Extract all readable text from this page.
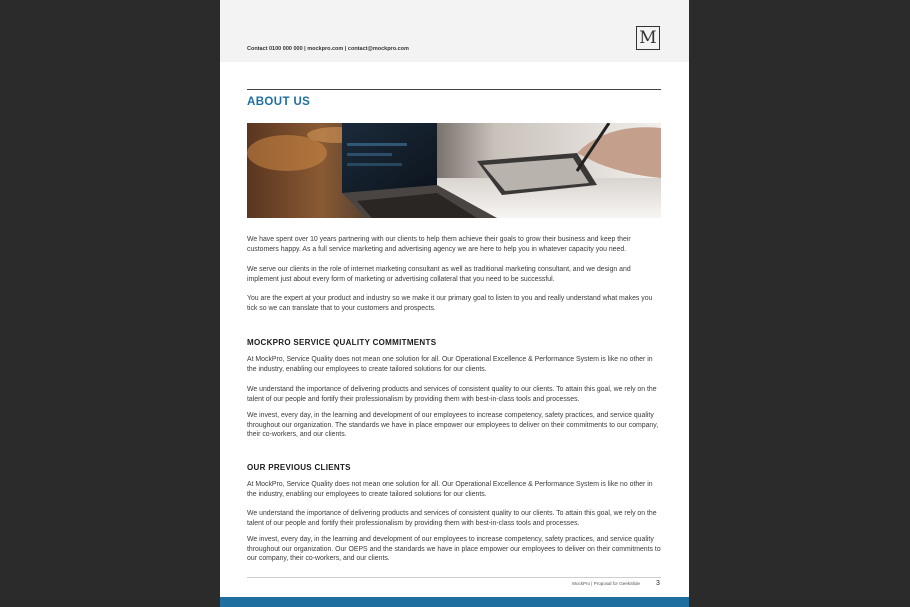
Contact 0100 000 000 | mockpro.com | contact@mockpro.com
M
ABOUT US

We have spent over 10 years partnering with our clients to help them achieve their goals to grow their business and keep their customers happy. As a full service marketing and advertising agency we are here to help you in whatever capacity you need.

We serve our clients in the role of internet marketing consultant as well as traditional marketing consultant, and we design and implement just about every form of marketing or advertising collateral that you need to be successful.

You are the expert at your product and industry so we make it our primary goal to listen to you and really understand what makes you tick so we can translate that to your customers and prospects.

MOCKPRO SERVICE QUALITY COMMITMENTS

At MockPro, Service Quality does not mean one solution for all. Our Operational Excellence & Performance System is like no other in the industry, enabling our employees to create tailored solutions for our clients.

We understand the importance of delivering products and services of consistent quality to our clients. To attain this goal, we rely on the talent of our people and fortify their professionalism by providing them with best-in-class tools and processes.

We invest, every day, in the learning and development of our employees to increase competency, safety practices, and service quality throughout our organization. The standards we have in place empower our employees to deliver on their commitments to our company, their co-workers, and our clients.

OUR PREVIOUS CLIENTS

At MockPro, Service Quality does not mean one solution for all. Our Operational Excellence & Performance System is like no other in the industry, enabling our employees to create tailored solutions for our clients.

We understand the importance of delivering products and services of consistent quality to our clients. To attain this goal, we rely on the talent of our people and fortify their professionalism by providing them with best-in-class tools and processes.

We invest, every day, in the learning and development of our employees to increase competency, safety practices, and service quality throughout our organization. Our OEPS and the standards we have in place empower our employees to deliver on their commitments to our company, their co-workers, and our clients.

MockPro | Proposal for GeekSlide 3
